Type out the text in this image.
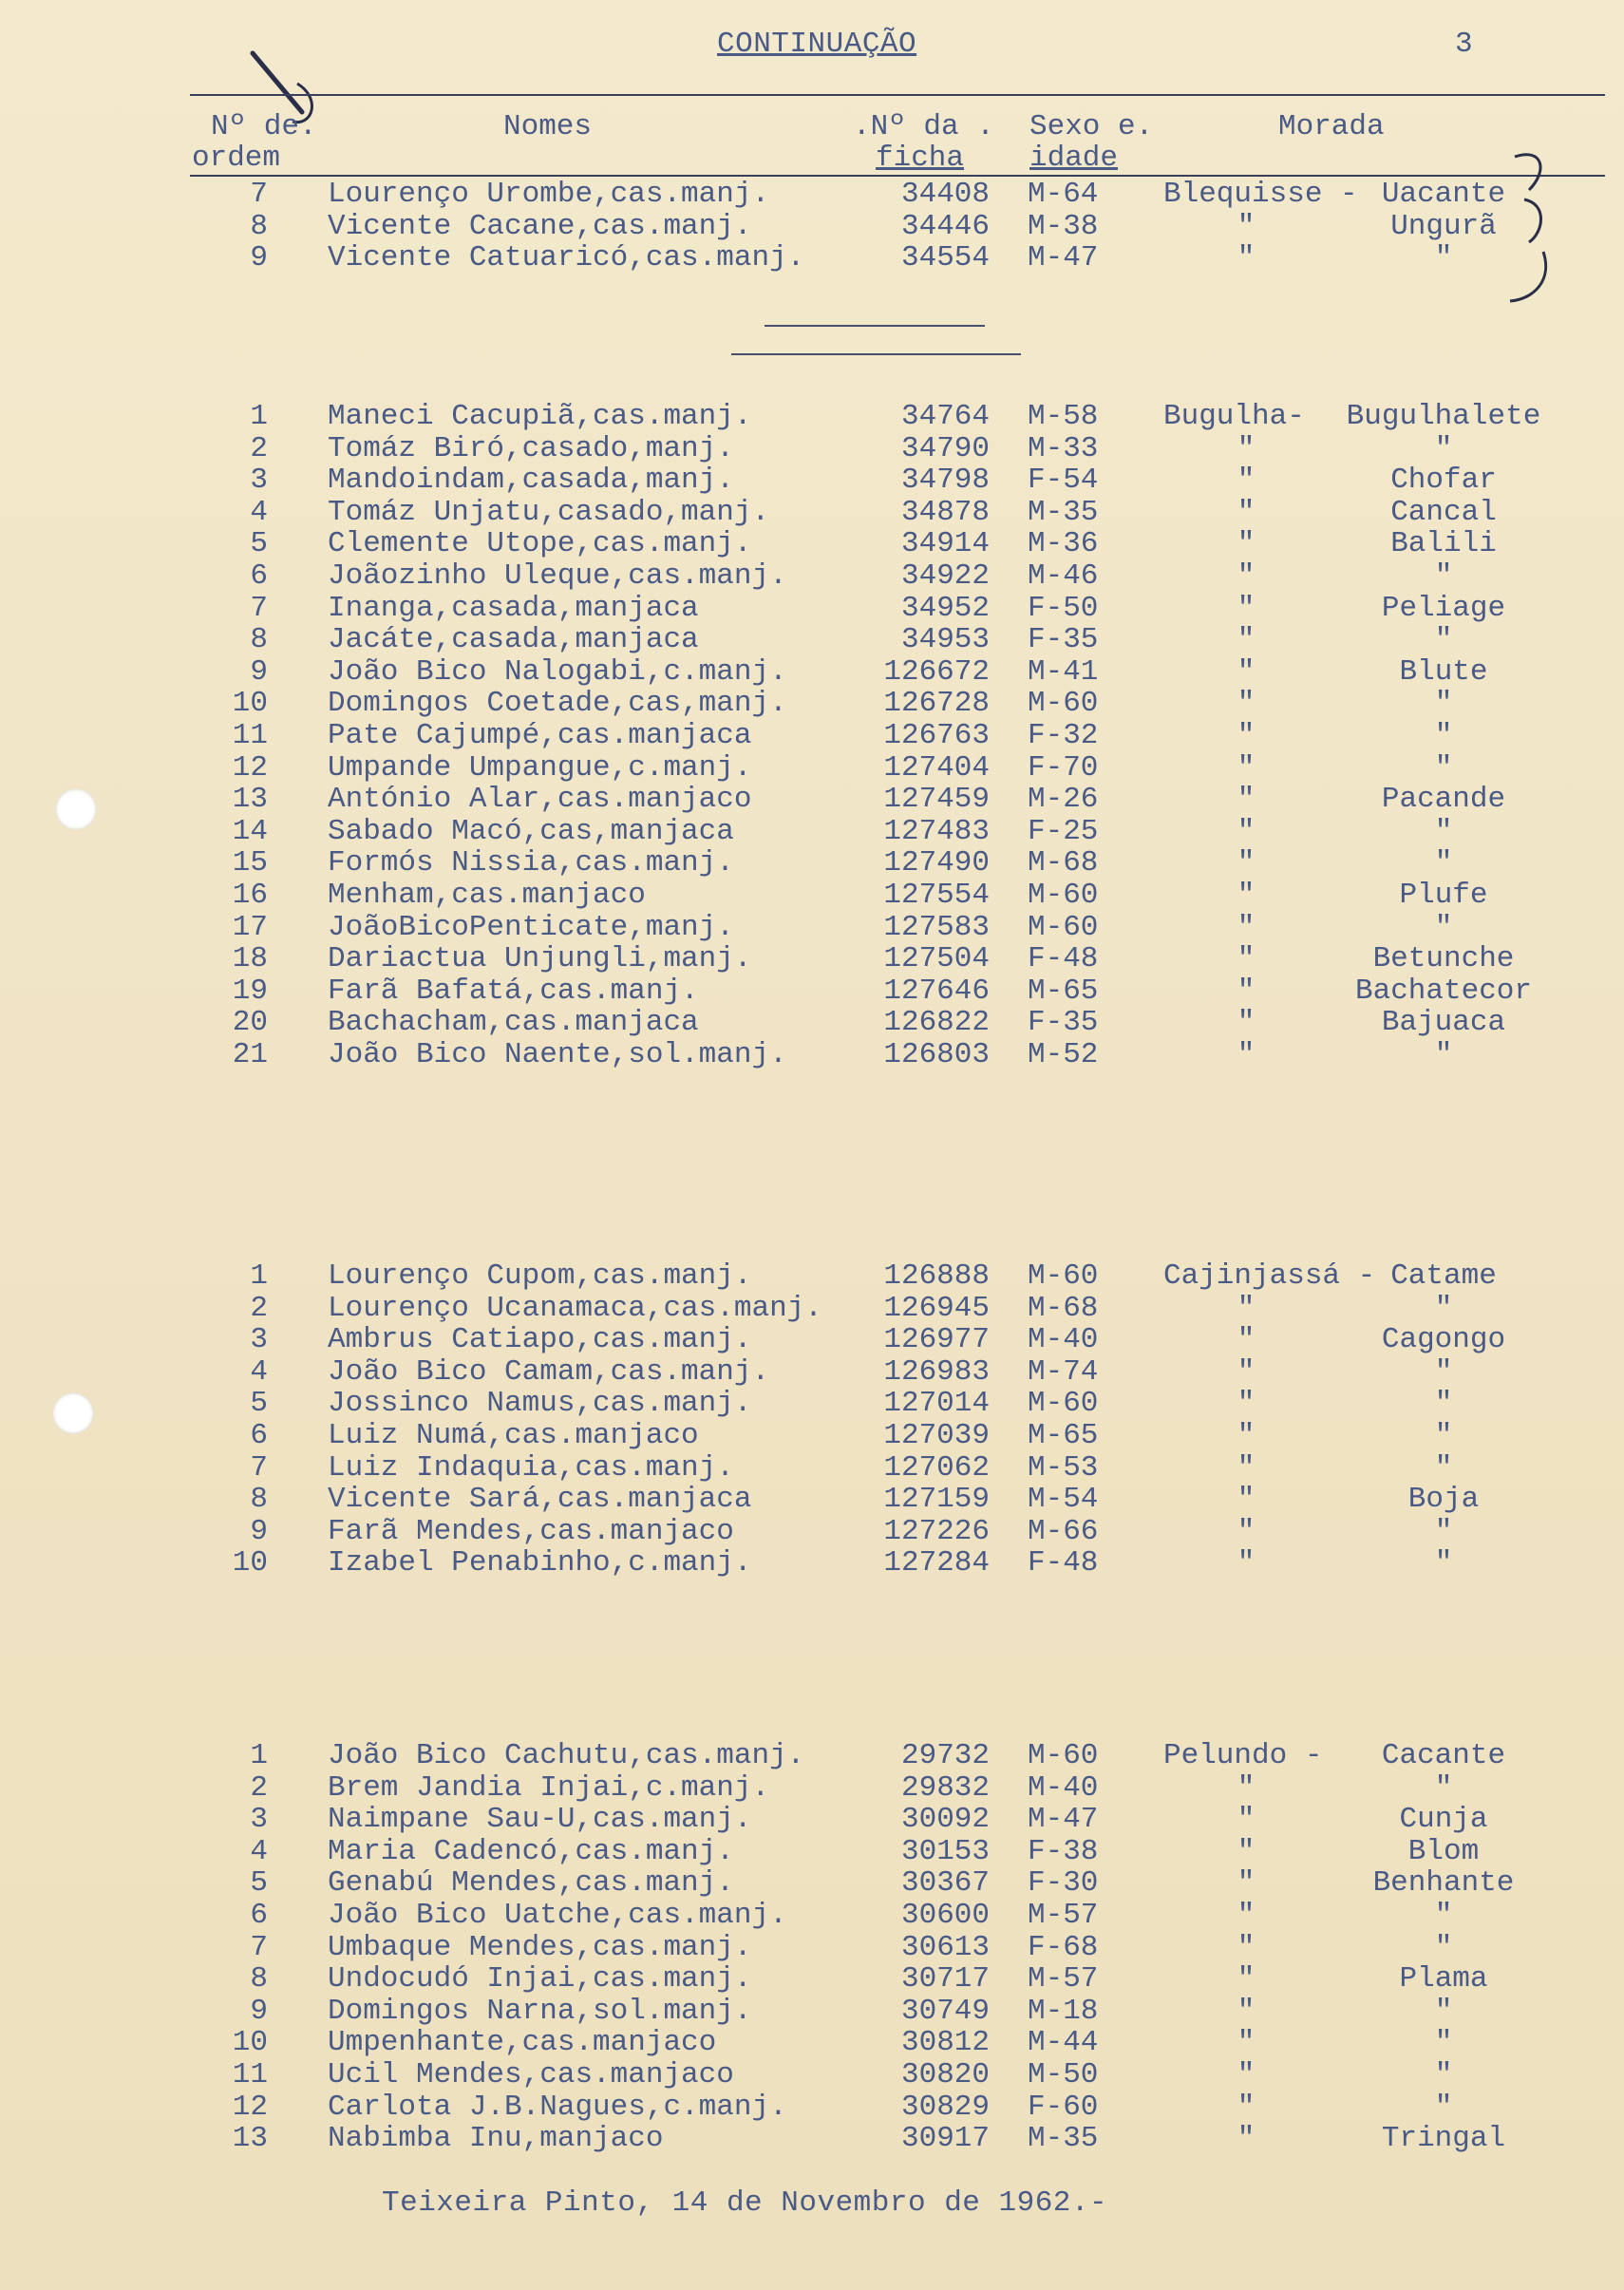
CONTINUAÇÃO	3
Nº de.
ordem
Nomes	.Nº da .
ficha
Sexo e.
idade
Morada
7 Lourenço Urombe,cas.manj.	34408 M-64 Blequisse - Uacante
8 Vicente Cacane,cas.manj.	34446 M-38	"	Ungurã
9 Vicente Catuaricó,cas.manj.	34554 M-47	"	"
1 Maneci Cacupiã,cas.manj.	34764 M-58 Bugulha-	Bugulhalete
2 Tomáz Biró,casado,manj.	34790 M-33	"	"
3 Mandoindam,casada,manj.	34798 F-54	"	Chofar
4 Tomáz Unjatu,casado,manj.	34878 M-35	"	Cancal
5 Clemente Utope,cas.manj.	34914 M-36	"	Balili
6 Joãozinho Uleque,cas.manj.	34922 M-46	"	"
7 Inanga,casada,manjaca	34952 F-50	"	Peliage
8 Jacáte,casada,manjaca	34953 F-35	"	"
9 João Bico Nalogabi,c.manj.	126672 M-41	"	Blute
10 Domingos Coetade,cas,manj.	126728 M-60	"	"
11 Pate Cajumpé,cas.manjaca	126763 F-32	"	"
12 Umpande Umpangue,c.manj.	127404 F-70	"	"
13 António Alar,cas.manjaco	127459 M-26	"	Pacande
14 Sabado Macó,cas,manjaca	127483 F-25	"	"
15 Formós Nissia,cas.manj.	127490 M-68	"	"
16 Menham,cas.manjaco	127554 M-60	"	Plufe
17 JoãoBicoPenticate,manj.	127583 M-60	"	"
18 Dariactua Unjungli,manj.	127504 F-48	"	Betunche
19 Farã Bafatá,cas.manj.	127646 M-65	"	Bachatecor
20 Bachacham,cas.manjaca	126822 F-35	"	Bajuaca
21 João Bico Naente,sol.manj.	126803 M-52	"	"
1 Lourenço Cupom,cas.manj.	126888 M-60 Cajinjassá - Catame
2 Lourenço Ucanamaca,cas.manj. 126945 M-68	"	"
3 Ambrus Catiapo,cas.manj.	126977 M-40	"	Cagongo
4 João Bico Camam,cas.manj.	126983 M-74	"	"
5 Jossinco Namus,cas.manj.	127014 M-60	"	"
6 Luiz Numá,cas.manjaco	127039 M-65	"	"
7 Luiz Indaquia,cas.manj.	127062 M-53	"	"
8 Vicente Sará,cas.manjaca	127159 M-54	"	Boja
9 Farã Mendes,cas.manjaco	127226 M-66	"	"
10 Izabel Penabinho,c.manj.	127284 F-48	"	"
1 João Bico Cachutu,cas.manj.	29732 M-60 Pelundo -	Cacante
2 Brem Jandia Injai,c.manj.	29832 M-40	"	"
3 Naimpane Sau-U,cas.manj.	30092 M-47	"	Cunja
4 Maria Cadencó,cas.manj.	30153 F-38	"	Blom
5 Genabú Mendes,cas.manj.	30367 F-30	"	Benhante
6 João Bico Uatche,cas.manj.	30600 M-57	"	"
7 Umbaque Mendes,cas.manj.	30613 F-68	"	"
8 Undocudó Injai,cas.manj.	30717 M-57	"	Plama
9 Domingos Narna,sol.manj.	30749 M-18	"	"
10 Umpenhante,cas.manjaco	30812 M-44	"	"
11 Ucil Mendes,cas.manjaco	30820 M-50	"	"
12 Carlota J.B.Nagues,c.manj.	30829 F-60	"	"
13 Nabimba Inu,manjaco	30917 M-35	"	Tringal
Teixeira Pinto, 14 de Novembro de 1962.-
